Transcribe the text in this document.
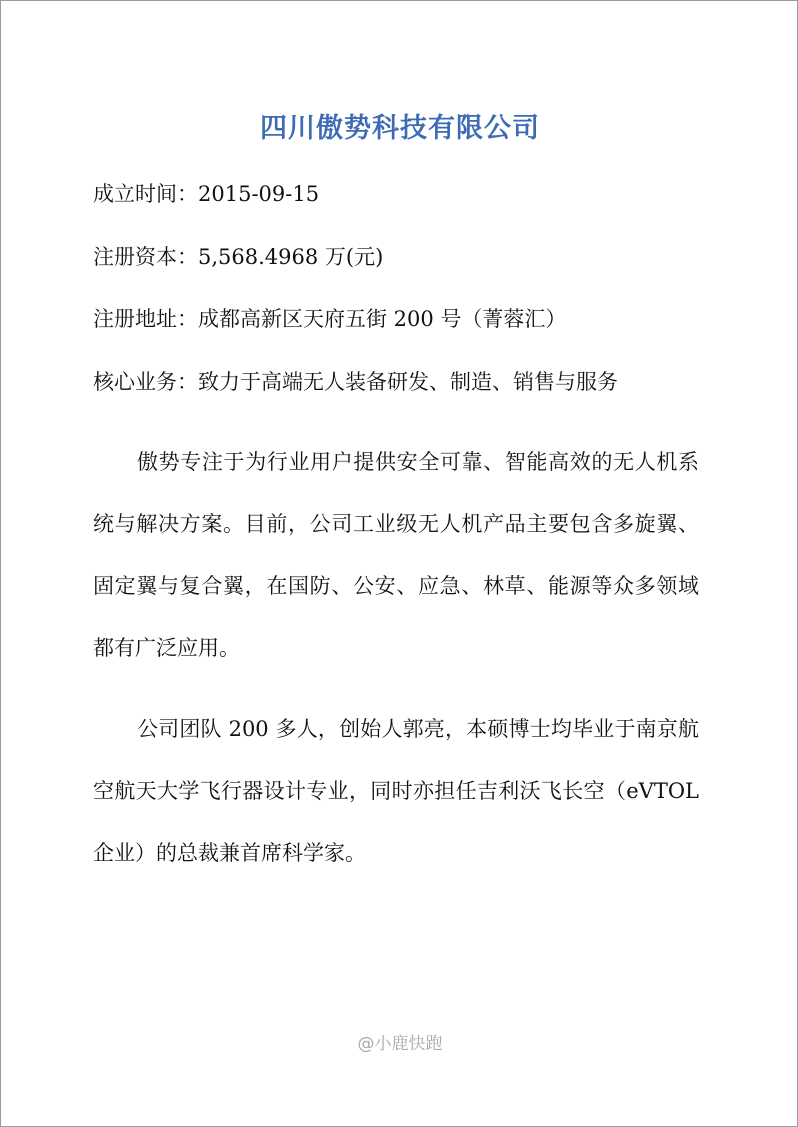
四川傲势科技有限公司
成立时间：2015-09-15
注册资本：5,568.4968 万(元)
注册地址：成都高新区天府五街 200 号（菁蓉汇）
核心业务：致力于高端无人装备研发、制造、销售与服务

傲势专注于为行业用户提供安全可靠、智能高效的无人机系统与解决方案。目前，公司工业级无人机产品主要包含多旋翼、固定翼与复合翼，在国防、公安、应急、林草、能源等众多领域都有广泛应用。

公司团队 200 多人，创始人郭亮，本硕博士均毕业于南京航空航天大学飞行器设计专业，同时亦担任吉利沃飞长空（eVTOL 企业）的总裁兼首席科学家。

@小鹿快跑
